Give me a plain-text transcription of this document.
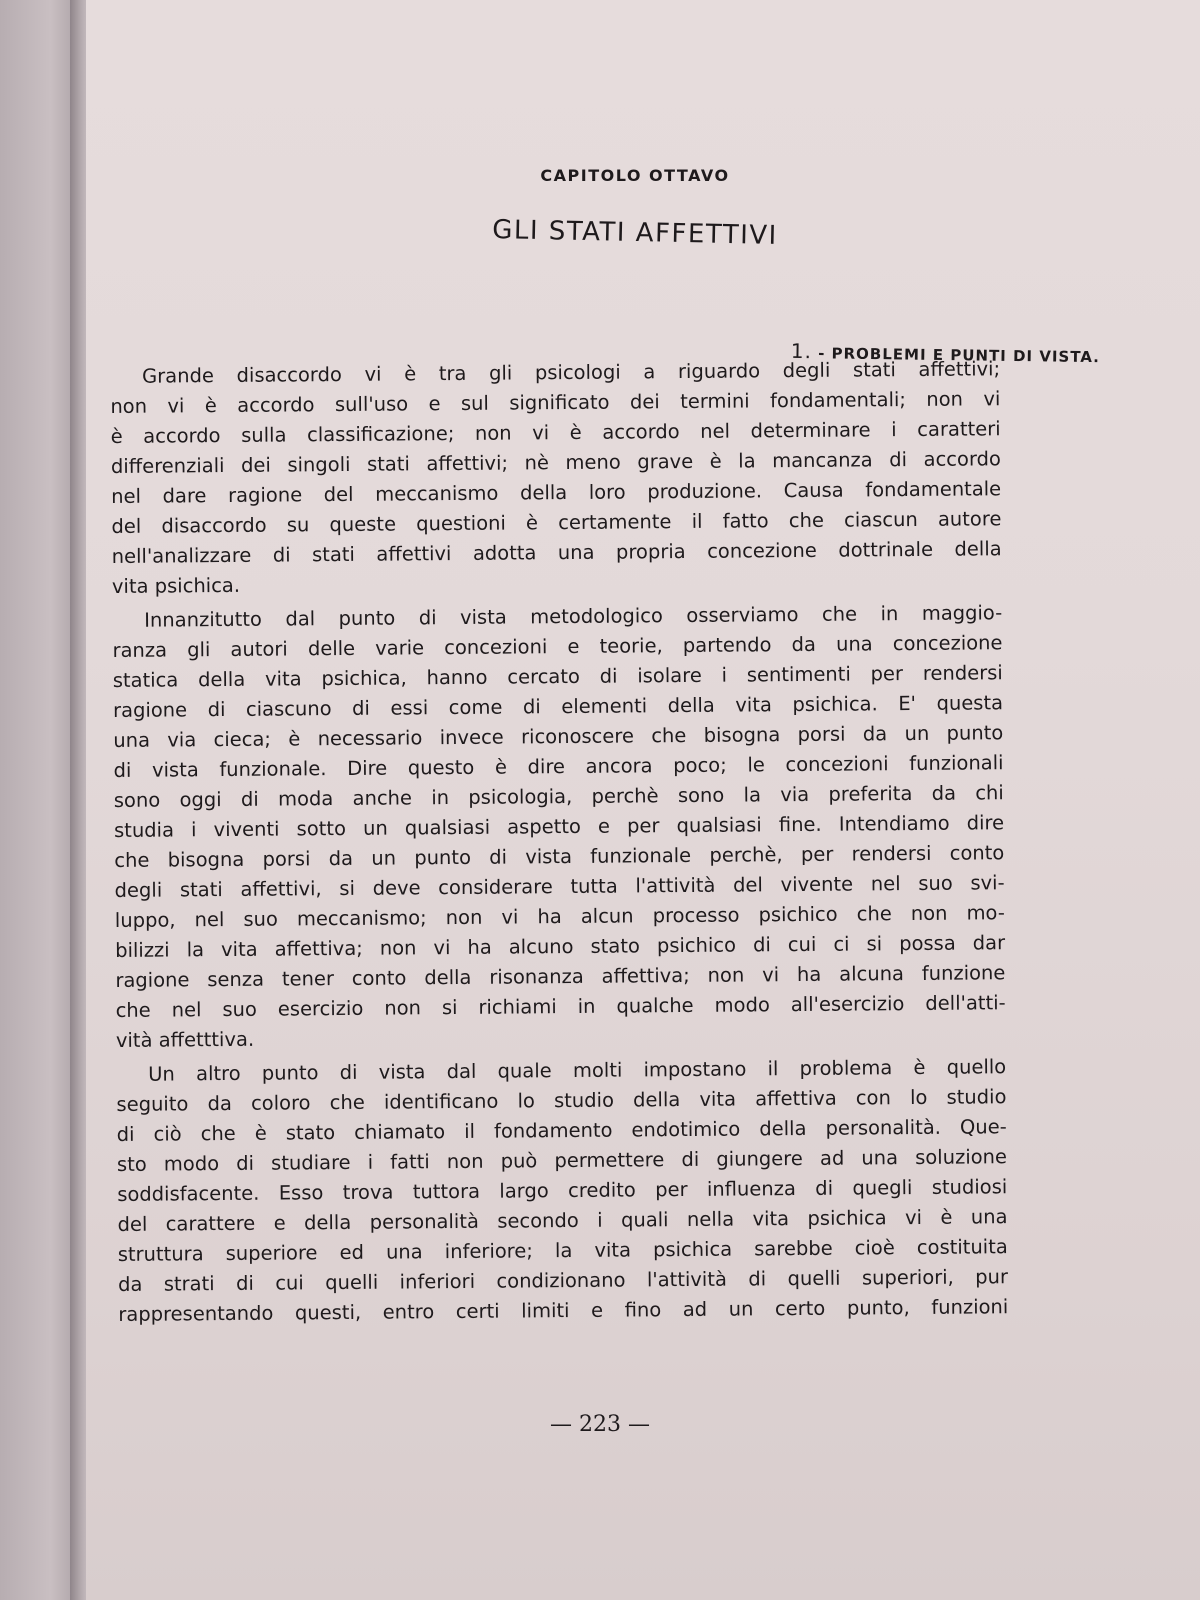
CAPITOLO OTTAVO
GLI STATI AFFETTIVI
1. - PROBLEMI E PUNTI DI VISTA.
Grande disaccordo vi è tra gli psicologi a riguardo degli stati affettivi;
non vi è accordo sull'uso e sul significato dei termini fondamentali; non vi
è accordo sulla classificazione; non vi è accordo nel determinare i caratteri
differenziali dei singoli stati affettivi; nè meno grave è la mancanza di accordo
nel dare ragione del meccanismo della loro produzione. Causa fondamentale
del disaccordo su queste questioni è certamente il fatto che ciascun autore
nell'analizzare di stati affettivi adotta una propria concezione dottrinale della
vita psichica.
Innanzitutto dal punto di vista metodologico osserviamo che in maggio-
ranza gli autori delle varie concezioni e teorie, partendo da una concezione
statica della vita psichica, hanno cercato di isolare i sentimenti per rendersi
ragione di ciascuno di essi come di elementi della vita psichica. E' questa
una via cieca; è necessario invece riconoscere che bisogna porsi da un punto
di vista funzionale. Dire questo è dire ancora poco; le concezioni funzionali
sono oggi di moda anche in psicologia, perchè sono la via preferita da chi
studia i viventi sotto un qualsiasi aspetto e per qualsiasi fine. Intendiamo dire
che bisogna porsi da un punto di vista funzionale perchè, per rendersi conto
degli stati affettivi, si deve considerare tutta l'attività del vivente nel suo svi-
luppo, nel suo meccanismo; non vi ha alcun processo psichico che non mo-
bilizzi la vita affettiva; non vi ha alcuno stato psichico di cui ci si possa dar
ragione senza tener conto della risonanza affettiva; non vi ha alcuna funzione
che nel suo esercizio non si richiami in qualche modo all'esercizio dell'atti-
vità affetttiva.
Un altro punto di vista dal quale molti impostano il problema è quello
seguito da coloro che identificano lo studio della vita affettiva con lo studio
di ciò che è stato chiamato il fondamento endotimico della personalità. Que-
sto modo di studiare i fatti non può permettere di giungere ad una soluzione
soddisfacente. Esso trova tuttora largo credito per influenza di quegli studiosi
del carattere e della personalità secondo i quali nella vita psichica vi è una
struttura superiore ed una inferiore; la vita psichica sarebbe cioè costituita
da strati di cui quelli inferiori condizionano l'attività di quelli superiori, pur
rappresentando questi, entro certi limiti e fino ad un certo punto, funzioni
— 223 —
